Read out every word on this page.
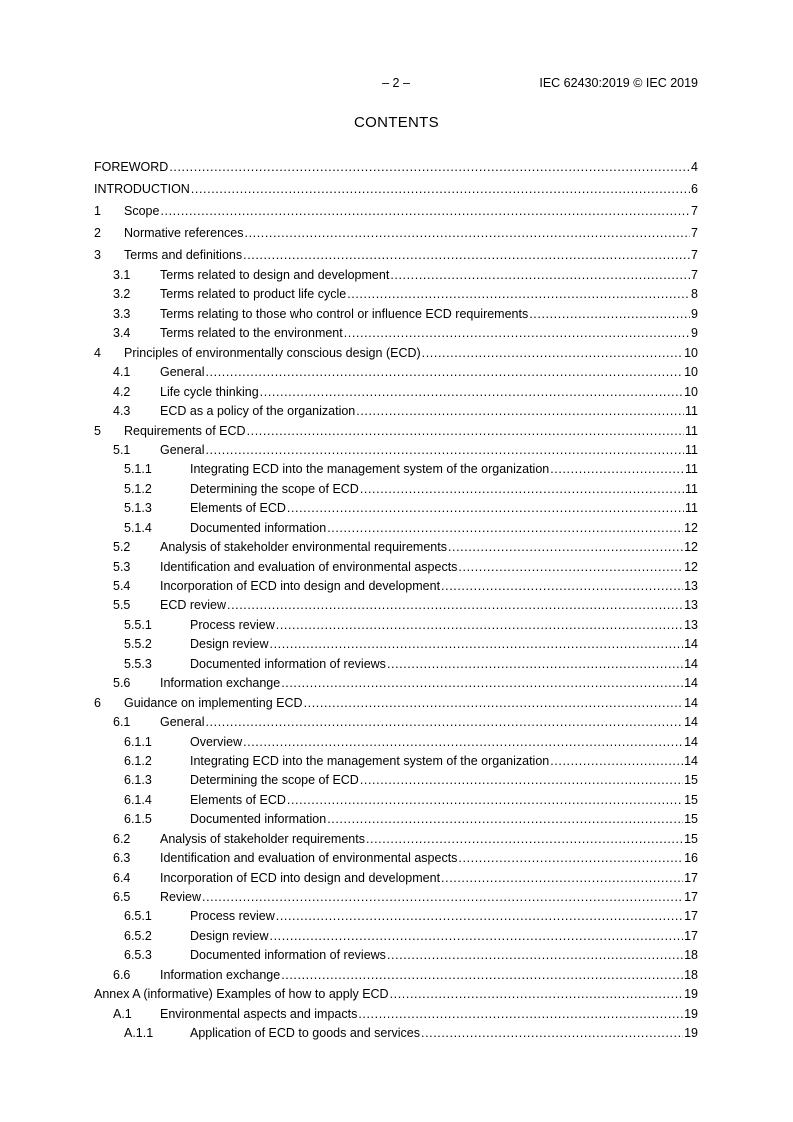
– 2 –	IEC 62430:2019 © IEC 2019
CONTENTS
FOREWORD .....	4
INTRODUCTION .....	6
1	Scope .....	7
2	Normative references .....	7
3	Terms and definitions .....	7
3.1	Terms related to design and development .....	7
3.2	Terms related to product life cycle .....	8
3.3	Terms relating to those who control or influence ECD requirements .....	9
3.4	Terms related to the environment .....	9
4	Principles of environmentally conscious design (ECD) .....	10
4.1	General .....	10
4.2	Life cycle thinking .....	10
4.3	ECD as a policy of the organization .....	11
5	Requirements of ECD .....	11
5.1	General .....	11
5.1.1	Integrating ECD into the management system of the organization .....	11
5.1.2	Determining the scope of ECD .....	11
5.1.3	Elements of ECD .....	11
5.1.4	Documented information .....	12
5.2	Analysis of stakeholder environmental requirements .....	12
5.3	Identification and evaluation of environmental aspects .....	12
5.4	Incorporation of ECD into design and development .....	13
5.5	ECD review .....	13
5.5.1	Process review .....	13
5.5.2	Design review .....	14
5.5.3	Documented information of reviews .....	14
5.6	Information exchange .....	14
6	Guidance on implementing ECD .....	14
6.1	General .....	14
6.1.1	Overview .....	14
6.1.2	Integrating ECD into the management system of the organization .....	14
6.1.3	Determining the scope of ECD .....	15
6.1.4	Elements of ECD .....	15
6.1.5	Documented information .....	15
6.2	Analysis of stakeholder requirements .....	15
6.3	Identification and evaluation of environmental aspects .....	16
6.4	Incorporation of ECD into design and development .....	17
6.5	Review .....	17
6.5.1	Process review .....	17
6.5.2	Design review .....	17
6.5.3	Documented information of reviews .....	18
6.6	Information exchange .....	18
Annex A (informative) Examples of how to apply ECD .....	19
A.1	Environmental aspects and impacts .....	19
A.1.1	Application of ECD to goods and services .....	19
